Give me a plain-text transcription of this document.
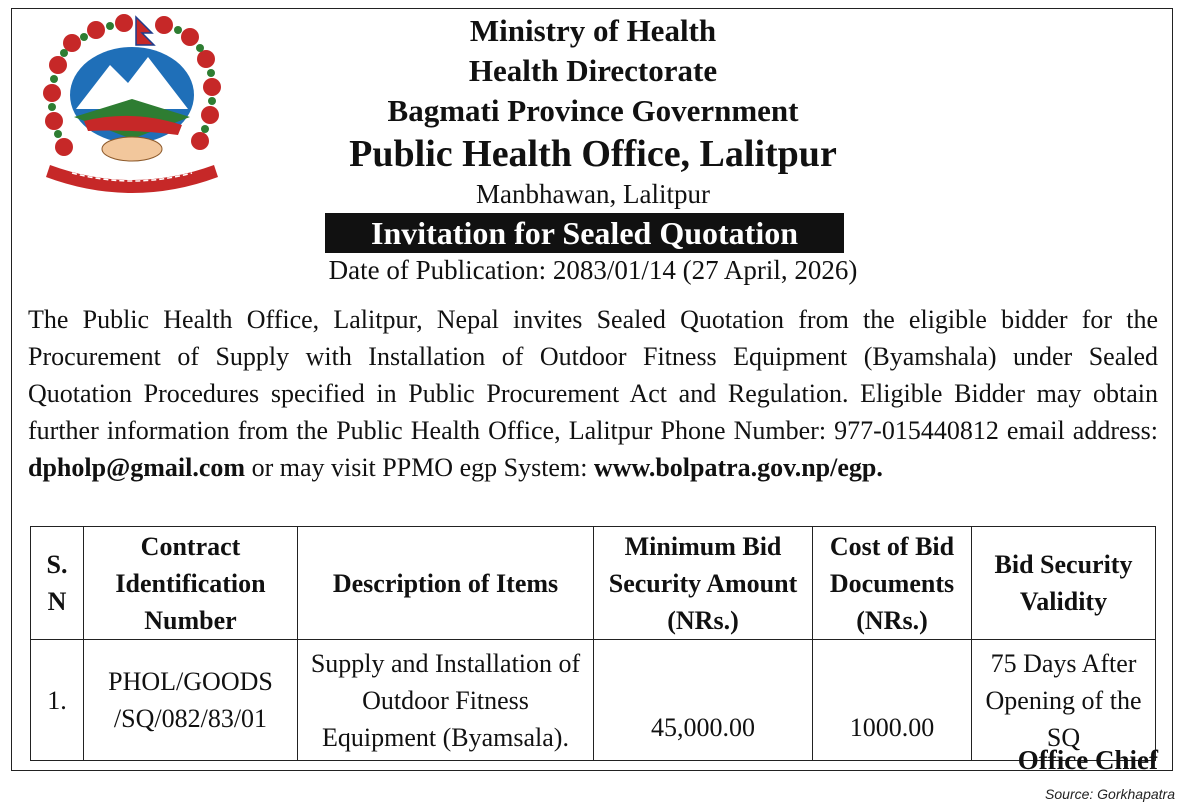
Ministry of Health
Health Directorate
Bagmati Province Government
Public Health Office, Lalitpur
Manbhawan, Lalitpur
Invitation for Sealed Quotation
Date of Publication: 2083/01/14 (27 April, 2026)
The Public Health Office, Lalitpur, Nepal invites Sealed Quotation from the eligible bidder for the Procurement of Supply with Installation of Outdoor Fitness Equipment (Byamshala) under Sealed Quotation Procedures specified in Public Procurement Act and Regulation. Eligible Bidder may obtain further information from the Public Health Office, Lalitpur Phone Number: 977-015440812 email address: dpholp@gmail.com or may visit PPMO egp System: www.bolpatra.gov.np/egp.
S. N	Contract Identification Number	Description of Items	Minimum Bid Security Amount (NRs.)	Cost of Bid Documents (NRs.)	Bid Security Validity
1.	PHOL/GOODS /SQ/082/83/01	Supply and Installation of Outdoor Fitness Equipment (Byamsala).	45,000.00	1000.00	75 Days After Opening of the SQ
Office Chief
Source: Gorkhapatra
